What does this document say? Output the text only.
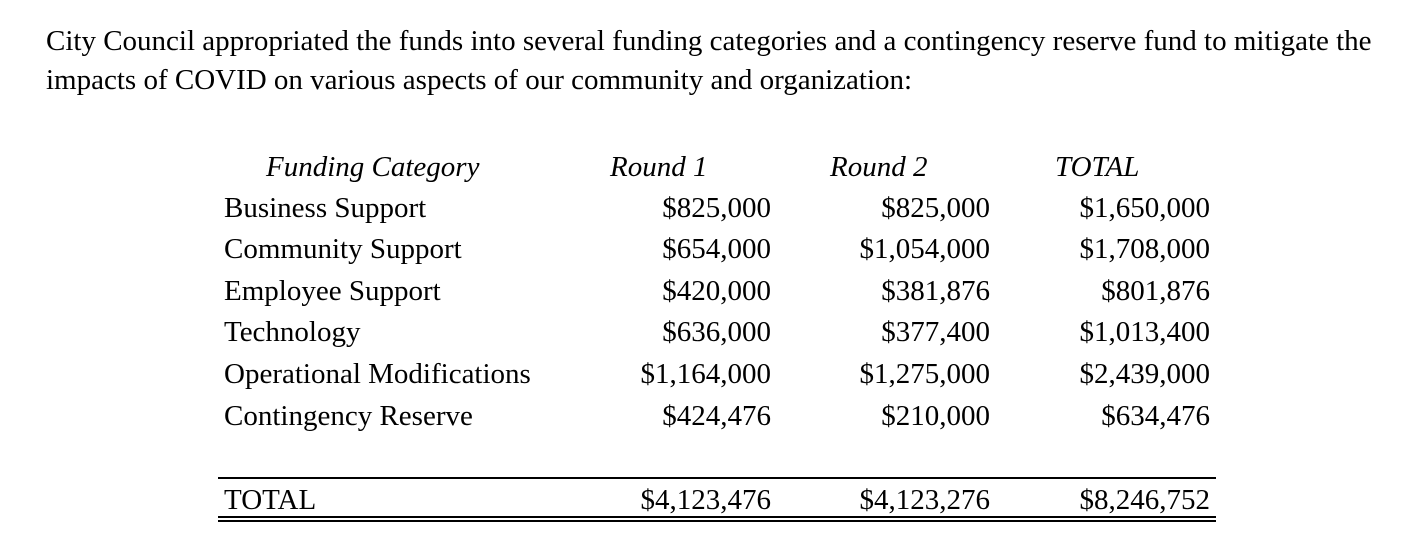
City Council appropriated the funds into several funding categories and a contingency reserve fund to mitigate the impacts of COVID on various aspects of our community and organization:

Funding Category	Round 1	Round 2	TOTAL
Business Support	$825,000	$825,000	$1,650,000
Community Support	$654,000	$1,054,000	$1,708,000
Employee Support	$420,000	$381,876	$801,876
Technology	$636,000	$377,400	$1,013,400
Operational Modifications	$1,164,000	$1,275,000	$2,439,000
Contingency Reserve	$424,476	$210,000	$634,476
TOTAL	$4,123,476	$4,123,276	$8,246,752
